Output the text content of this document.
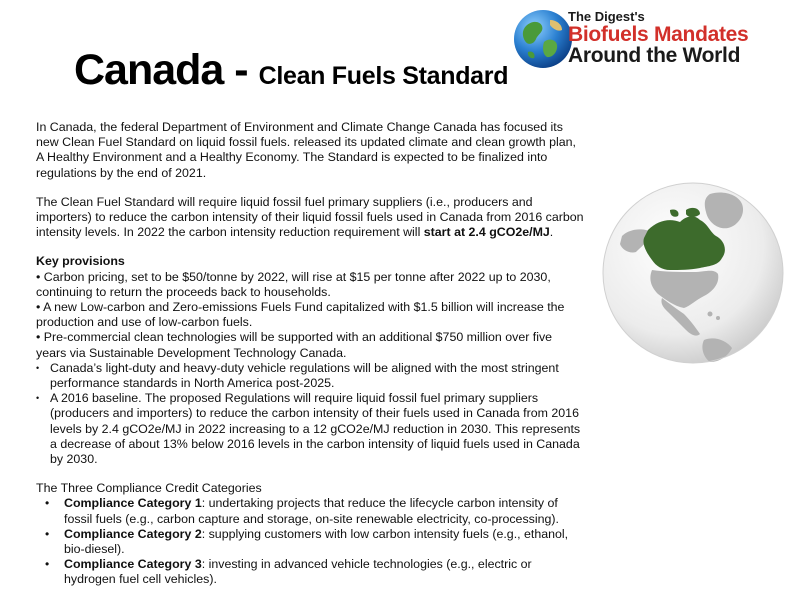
Canada - Clean Fuels Standard
The Digest's
Biofuels Mandates
Around the World

In Canada, the federal Department of Environment and Climate Change Canada has focused its new Clean Fuel Standard on liquid fossil fuels. released its updated climate and clean growth plan, A Healthy Environment and a Healthy Economy. The Standard is expected to be finalized into regulations by the end of 2021.

The Clean Fuel Standard will require liquid fossil fuel primary suppliers (i.e., producers and importers) to reduce the carbon intensity of their liquid fossil fuels used in Canada from 2016 carbon intensity levels. In 2022 the carbon intensity reduction requirement will start at 2.4 gCO2e/MJ.

Key provisions

• Carbon pricing, set to be $50/tonne by 2022, will rise at $15 per tonne after 2022 up to 2030, continuing to return the proceeds back to households.

• A new Low-carbon and Zero-emissions Fuels Fund capitalized with $1.5 billion will increase the production and use of low-carbon fuels.

• Pre-commercial clean technologies will be supported with an additional $750 million over five years via Sustainable Development Technology Canada.

• Canada’s light-duty and heavy-duty vehicle regulations will be aligned with the most stringent performance standards in North America post-2025.

• A 2016 baseline. The proposed Regulations will require liquid fossil fuel primary suppliers (producers and importers) to reduce the carbon intensity of their fuels used in Canada from 2016 levels by 2.4 gCO2e/MJ in 2022 increasing to a 12 gCO2e/MJ reduction in 2030. This represents a decrease of about 13% below 2016 levels in the carbon intensity of liquid fuels used in Canada by 2030.

The Three Compliance Credit Categories

• Compliance Category 1: undertaking projects that reduce the lifecycle carbon intensity of fossil fuels (e.g., carbon capture and storage, on-site renewable electricity, co-processing).
• Compliance Category 2: supplying customers with low carbon intensity fuels (e.g., ethanol, bio-diesel).
• Compliance Category 3: investing in advanced vehicle technologies (e.g., electric or hydrogen fuel cell vehicles).
